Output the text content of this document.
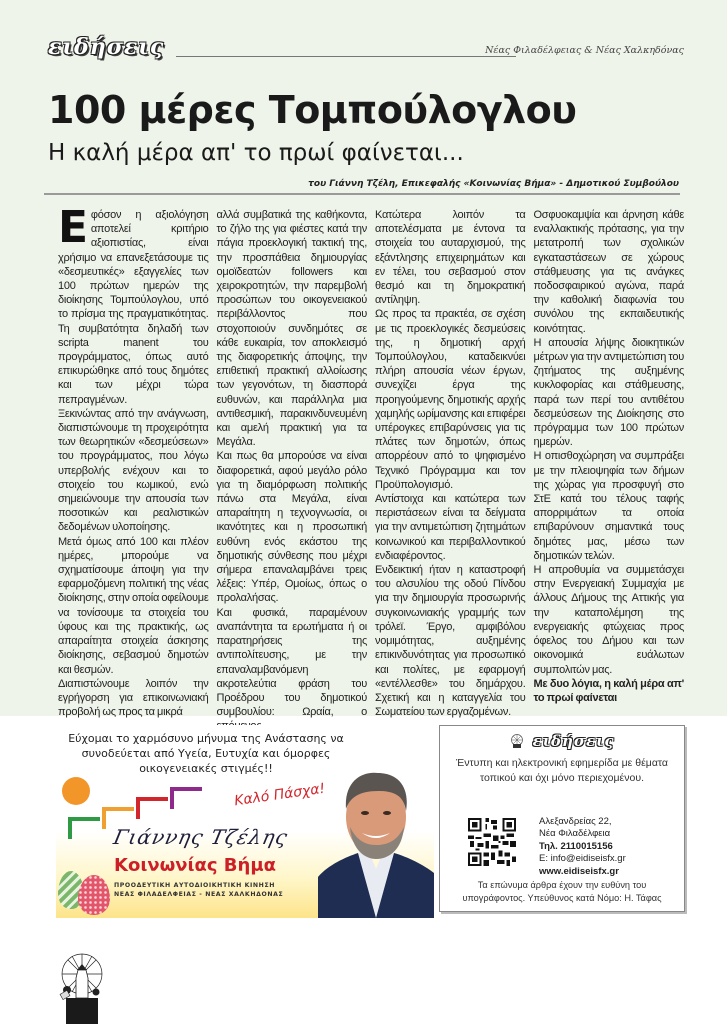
ειδήσεις	Νέας Φιλαδέλφειας & Νέας Χαλκηδόνας
100 μέρες Τομπούλογλου
Η καλή μέρα απ' το πρωί φαίνεται...
του Γιάννη Τζέλη, Επικεφαλής «Κοινωνίας Βήμα» - Δημοτικού Συμβούλου

Εφόσον η αξιολόγηση αποτελεί κριτήριο αξιοπιστίας, είναι χρήσιμο να επανεξετάσουμε τις «δεσμευτικές» εξαγγελίες των 100 πρώτων ημερών της διοίκησης Τομπούλογλου, υπό το πρίσμα της πραγματικότητας. Τη συμβατότητα δηλαδή των scripta manent του προγράμματος, όπως αυτό επικυρώθηκε από τους δημότες και των μέχρι τώρα πεπραγμένων.

Ξεκινώντας από την ανάγνωση, διαπιστώνουμε τη προχειρότητα των θεωρητικών «δεσμεύσεων» του προγράμματος, που λόγω υπερβολής ενέχουν και το στοιχείο του κωμικού, ενώ σημειώνουμε την απουσία των ποσοτικών και ρεαλιστικών δεδομένων υλοποίησης.

Μετά όμως από 100 και πλέον ημέρες, μπορούμε να σχηματίσουμε άποψη για την εφαρμοζόμενη πολιτική της νέας διοίκησης, στην οποία οφείλουμε να τονίσουμε τα στοιχεία του ύφους και της πρακτικής, ως απαραίτητα στοιχεία άσκησης διοίκησης, σεβασμού δημοτών και θεσμών.

Διαπιστώνουμε λοιπόν την εγρήγορση για επικοινωνιακή προβολή ως προς τα μικρά

αλλά συμβατικά της καθήκοντα, το ζήλο της για φιέστες κατά την πάγια προεκλογική τακτική της, την προσπάθεια δημιουργίας ομοϊδεατών followers και χειροκροτητών, την παρεμβολή προσώπων του οικογενειακού περιβάλλοντος που στοχοποιούν συνδημότες σε κάθε ευκαιρία, τον αποκλεισμό της διαφορετικής άποψης, την επιθετική πρακτική αλλοίωσης των γεγονότων, τη διασπορά ευθυνών, και παράλληλα μια αντιθεσμική, παρακινδυνευμένη και αμελή πρακτική για τα Μεγάλα.

Και πως θα μπορούσε να είναι διαφορετικά, αφού μεγάλο ρόλο για τη διαμόρφωση πολιτικής πάνω στα Μεγάλα, είναι απαραίτητη η τεχνογνωσία, οι ικανότητες και η προσωπική ευθύνη ενός εκάστου της δημοτικής σύνθεσης που μέχρι σήμερα επαναλαμβάνει τρεις λέξεις: Υπέρ, Ομοίως, όπως ο προλαλήσας.

Και φυσικά, παραμένουν αναπάντητα τα ερωτήματα ή οι παρατηρήσεις της αντιπολίτευσης, με την επαναλαμβανόμενη ακροτελεύτια φράση του Προέδρου του δημοτικού συμβουλίου: Ωραία, ο

Κατώτερα λοιπόν τα αποτελέσματα με έντονα τα στοιχεία του αυταρχισμού, της εξάντλησης επιχειρημάτων και εν τέλει, του σεβασμού στον θεσμό και τη δημοκρατική αντίληψη.

Ως προς τα πρακτέα, σε σχέση με τις προεκλογικές δεσμεύσεις της, η δημοτική αρχή Τομπούλογλου, καταδεικνύει πλήρη απουσία νέων έργων, συνεχίζει έργα της προηγούμενης δημοτικής αρχής χαμηλής ωρίμανσης και επιφέρει υπέρογκες επιβαρύνσεις για τις πλάτες των δημοτών, όπως απορρέουν από το ψηφισμένο Τεχνικό Πρόγραμμα και τον Προϋπολογισμό.

Αντίστοιχα και κατώτερα των περιστάσεων είναι τα δείγματα για την αντιμετώπιση ζητημάτων κοινωνικού και περιβαλλοντικού ενδιαφέροντος.

Ενδεικτική ήταν η καταστροφή του αλσυλίου της οδού Πίνδου για την δημιουργία προσωρινής συγκοινωνιακής γραμμής των τρόλεϊ. Έργο, αμφιβόλου νομιμότητας, αυξημένης επικινδυνότητας για προσωπικό και πολίτες, με εφαρμογή «εντέλλεσθε» του δημάρχου. Σχετική και η καταγγελία του Σωματείου των εργαζομένων.

Οσφυοκαμψία και άρνηση κάθε εναλλακτικής πρότασης, για την μετατροπή των σχολικών εγκαταστάσεων σε χώρους στάθμευσης για τις ανάγκες ποδοσφαιρικού αγώνα, παρά την καθολική διαφωνία του συνόλου της εκπαιδευτικής κοινότητας.

Η απουσία λήψης διοικητικών μέτρων για την αντιμετώπιση του ζητήματος της αυξημένης κυκλοφορίας και στάθμευσης, παρά των περί του αντιθέτου δεσμεύσεων της Διοίκησης στο πρόγραμμα των 100 πρώτων ημερών.

Η οπισθοχώρηση να συμπράξει με την πλειοψηφία των δήμων της χώρας για προσφυγή στο ΣτΕ κατά του τέλους ταφής απορριμάτων τα οποία επιβαρύνουν σημαντικά τους δημότες μας, μέσω των δημοτικών τελών.

Η απροθυμία να συμμετάσχει στην Ενεργειακή Συμμαχία με άλλους Δήμους της Αττικής για την καταπολέμηση της ενεργειακής φτώχειας προς όφελος του Δήμου και των οικονομικά ευάλωτων συμπολιτών μας.

Με δυο λόγια, η καλή μέρα απ' το πρωί φαίνεται

Εύχομαι το χαρμόσυνο μήνυμα της Ανάστασης να συνοδεύεται από Υγεία, Ευτυχία και όμορφες οικογενειακές στιγμές!!
Καλό Πάσχα!
Γιάννης Τζέλης
Κοινωνίας Βήμα
ΠΡΟΟΔΕΥΤΙΚΗ ΑΥΤΟΔΙΟΙΚΗΤΙΚΗ ΚΙΝΗΣΗ
ΝΕΑΣ ΦΙΛΑΔΕΛΦΕΙΑΣ - ΝΕΑΣ ΧΑΛΚΗΔΟΝΑΣ
ειδήσεις
Έντυπη και ηλεκτρονική εφημερίδα με θέματα τοπικού και όχι μόνο περιεχομένου.
Αλεξανδρείας 22,
Νέα Φιλαδέλφεια
Τηλ. 2110015156
E: info@eidiseisfx.gr
www.eidiseisfx.gr
Τα επώνυμα άρθρα έχουν την ευθύνη του υπογράφοντος. Υπεύθυνος κατά Νόμο: Η. Τάφας
